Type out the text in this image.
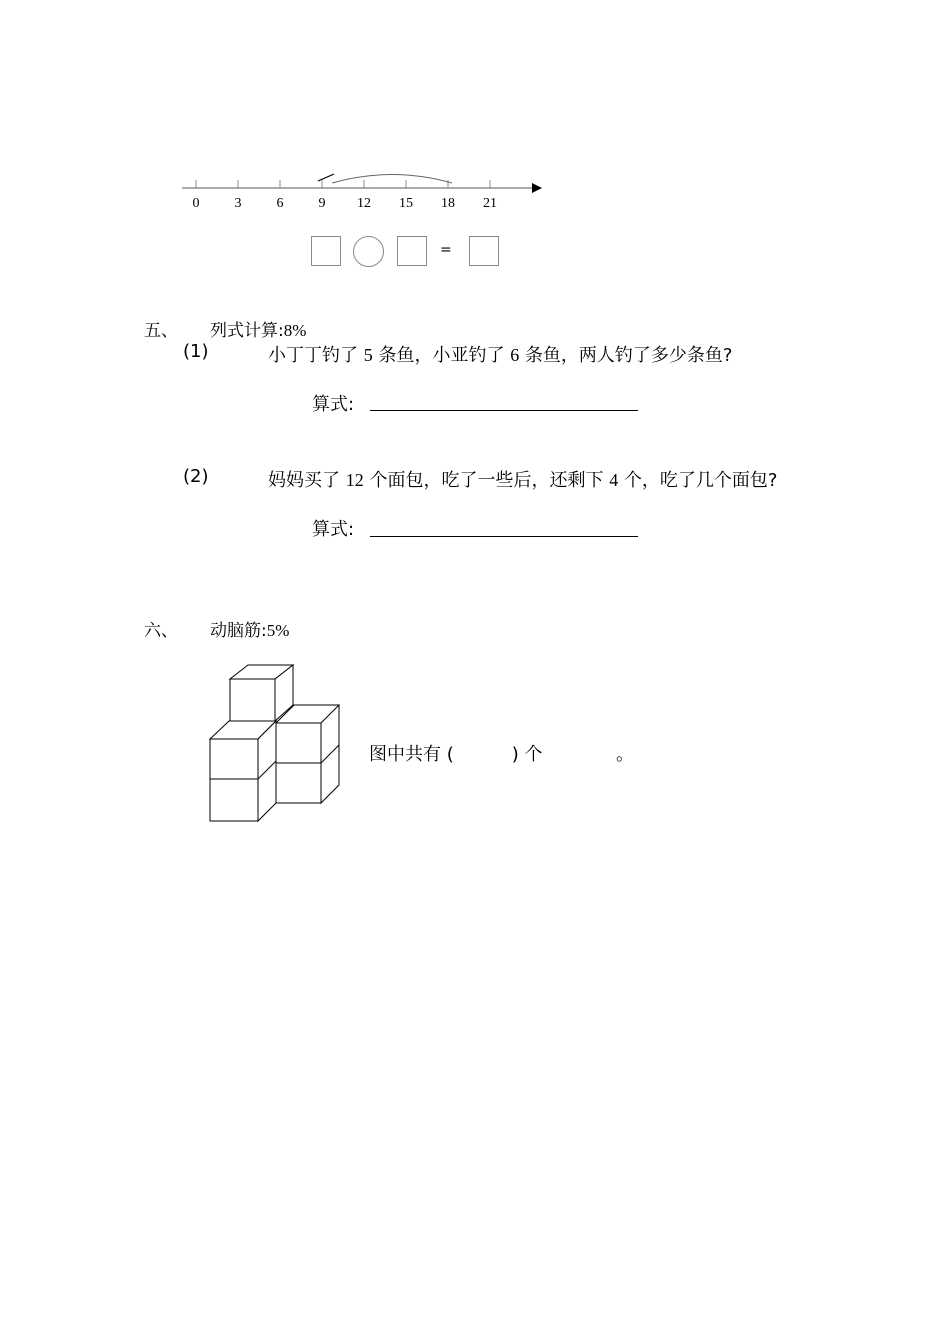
0	3	6	9 12 15 18 21
=
五、 列式计算:8%
(1)	小丁丁钓了 5 条鱼，小亚钓了 6 条鱼，两人钓了多少条鱼?
算式:
(2)	妈妈买了 12 个面包，吃了一些后，还剩下 4 个，吃了几个面包?
算式:
六、 动脑筋:5%
图中共有 (	) 个	。
